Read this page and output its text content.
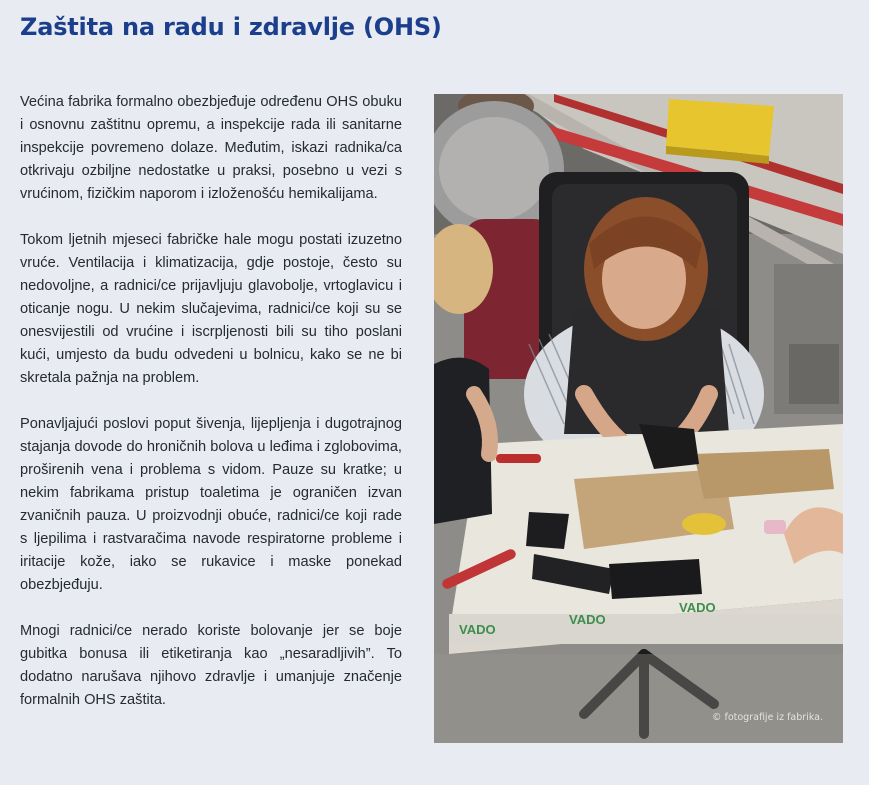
Zaštita na radu i zdravlje (OHS)

Većina fabrika formalno obezbjeđuje određenu OHS obuku i osnovnu zaštitnu opremu, a inspekcije rada ili sanitarne inspekcije povremeno dolaze. Međutim, iskazi radnika/ca otkrivaju ozbiljne nedostatke u praksi, posebno u vezi s vrućinom, fizičkim naporom i izloženošću hemikalijama.

Tokom ljetnih mjeseci fabričke hale mogu postati izuzetno vruće. Ventilacija i klimatizacija, gdje postoje, često su nedovoljne, a radnici/ce prijavljuju glavobolje, vrtoglavicu i oticanje nogu. U nekim slučajevima, radnici/ce koji su se onesvijestili od vrućine i iscrpljenosti bili su tiho poslani kući, umjesto da budu odvedeni u bolnicu, kako se ne bi skretala pažnja na problem.

Ponavljajući poslovi poput šivenja, lijepljenja i dugotrajnog stajanja dovode do hroničnih bolova u leđima i zglobovima, proširenih vena i problema s vidom. Pauze su kratke; u nekim fabrikama pristup toaletima je ograničen izvan zvaničnih pauza. U proizvodnji obuće, radnici/ce koji rade s ljepilima i rastvaračima navode respiratorne probleme i iritacije kože, iako se rukavice i maske ponekad obezbjeđuju.

Mnogi radnici/ce nerado koriste bolovanje jer se boje gubitka bonusa ili etiketiranja kao „nesaradljivih”. To dodatno narušava njihovo zdravlje i umanjuje značenje formalnih OHS zaštita.

VADO
VADO
VADO
© fotografije iz fabrika.
